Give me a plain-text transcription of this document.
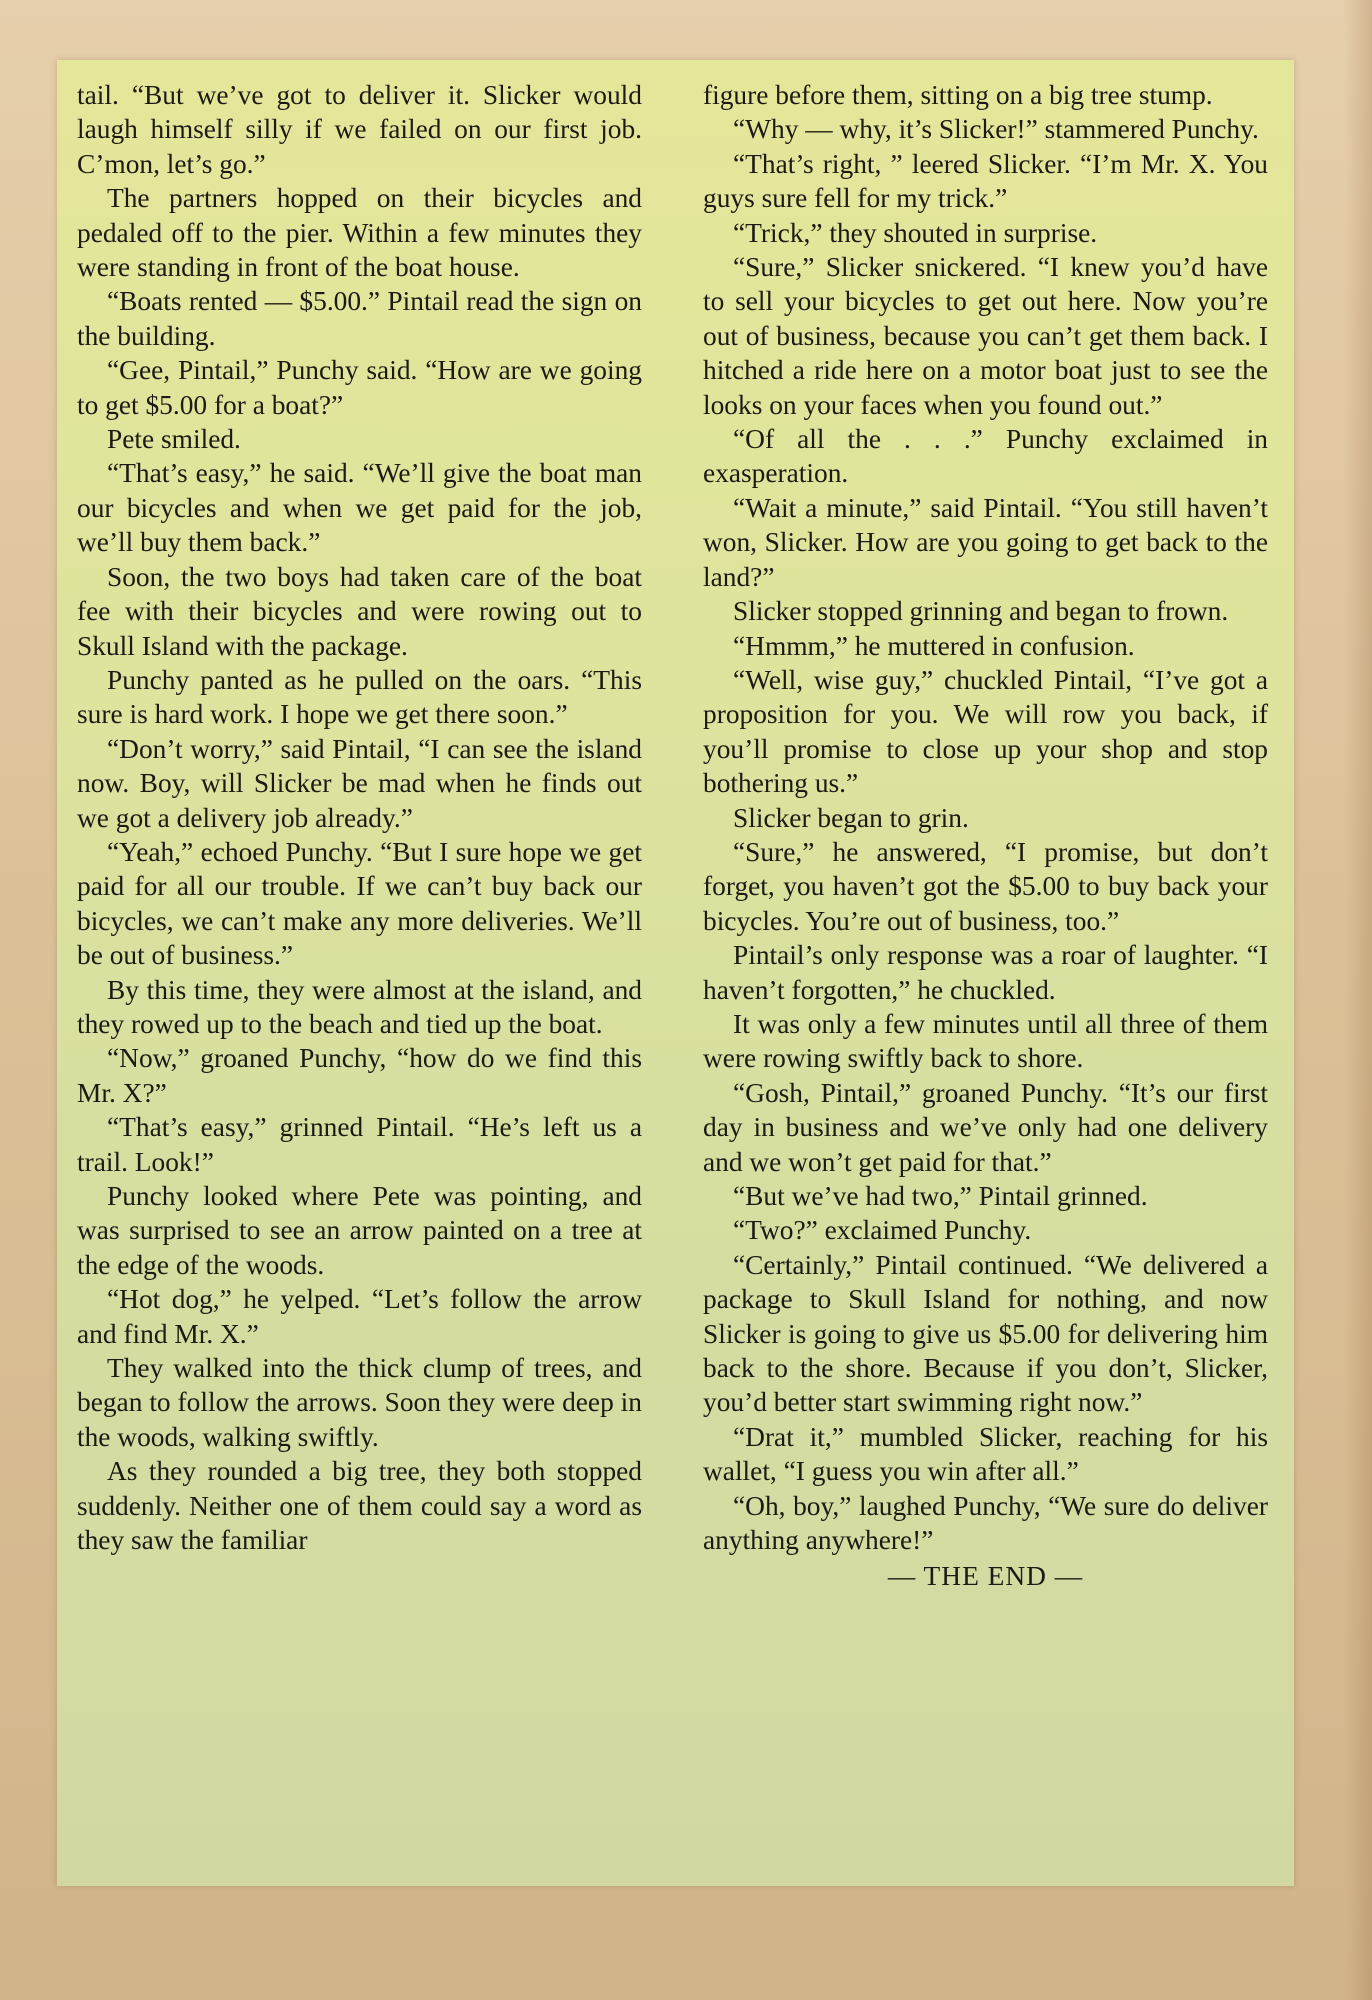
tail. “But we’ve got to deliver it. Slicker would laugh himself silly if we failed on our first job. C’mon, let’s go.”

The partners hopped on their bicycles and pedaled off to the pier. Within a few minutes they were standing in front of the boat house.

“Boats rented — $5.00.” Pintail read the sign on the building.

“Gee, Pintail,” Punchy said. “How are we going to get $5.00 for a boat?”

Pete smiled.

“That’s easy,” he said. “We’ll give the boat man our bicycles and when we get paid for the job, we’ll buy them back.”

Soon, the two boys had taken care of the boat fee with their bicycles and were rowing out to Skull Island with the package.

Punchy panted as he pulled on the oars. “This sure is hard work. I hope we get there soon.”

“Don’t worry,” said Pintail, “I can see the island now. Boy, will Slicker be mad when he finds out we got a delivery job already.”

“Yeah,” echoed Punchy. “But I sure hope we get paid for all our trouble. If we can’t buy back our bicycles, we can’t make any more deliveries. We’ll be out of business.”

By this time, they were almost at the island, and they rowed up to the beach and tied up the boat.

“Now,” groaned Punchy, “how do we find this Mr. X?”

“That’s easy,” grinned Pintail. “He’s left us a trail. Look!”

Punchy looked where Pete was pointing, and was surprised to see an arrow painted on a tree at the edge of the woods.

“Hot dog,” he yelped. “Let’s follow the arrow and find Mr. X.”

They walked into the thick clump of trees, and began to follow the arrows. Soon they were deep in the woods, walking swiftly.

As they rounded a big tree, they both stopped suddenly. Neither one of them could say a word as they saw the familiar

figure before them, sitting on a big tree stump.

“Why — why, it’s Slicker!” stammered Punchy.

“That’s right, ” leered Slicker. “I’m Mr. X. You guys sure fell for my trick.”

“Trick,” they shouted in surprise.

“Sure,” Slicker snickered. “I knew you’d have to sell your bicycles to get out here. Now you’re out of business, because you can’t get them back. I hitched a ride here on a motor boat just to see the looks on your faces when you found out.”

“Of all the . . .” Punchy exclaimed in exasperation.

“Wait a minute,” said Pintail. “You still haven’t won, Slicker. How are you going to get back to the land?”

Slicker stopped grinning and began to frown.

“Hmmm,” he muttered in confusion.

“Well, wise guy,” chuckled Pintail, “I’ve got a proposition for you. We will row you back, if you’ll promise to close up your shop and stop bothering us.”

Slicker began to grin.

“Sure,” he answered, “I promise, but don’t forget, you haven’t got the $5.00 to buy back your bicycles. You’re out of business, too.”

Pintail’s only response was a roar of laughter. “I haven’t forgotten,” he chuckled.

It was only a few minutes until all three of them were rowing swiftly back to shore.

“Gosh, Pintail,” groaned Punchy. “It’s our first day in business and we’ve only had one delivery and we won’t get paid for that.”

“But we’ve had two,” Pintail grinned.

“Two?” exclaimed Punchy.

“Certainly,” Pintail continued. “We delivered a package to Skull Island for nothing, and now Slicker is going to give us $5.00 for delivering him back to the shore. Because if you don’t, Slicker, you’d better start swimming right now.”

“Drat it,” mumbled Slicker, reaching for his wallet, “I guess you win after all.”

“Oh, boy,” laughed Punchy, “We sure do deliver anything anywhere!”

— THE END —
